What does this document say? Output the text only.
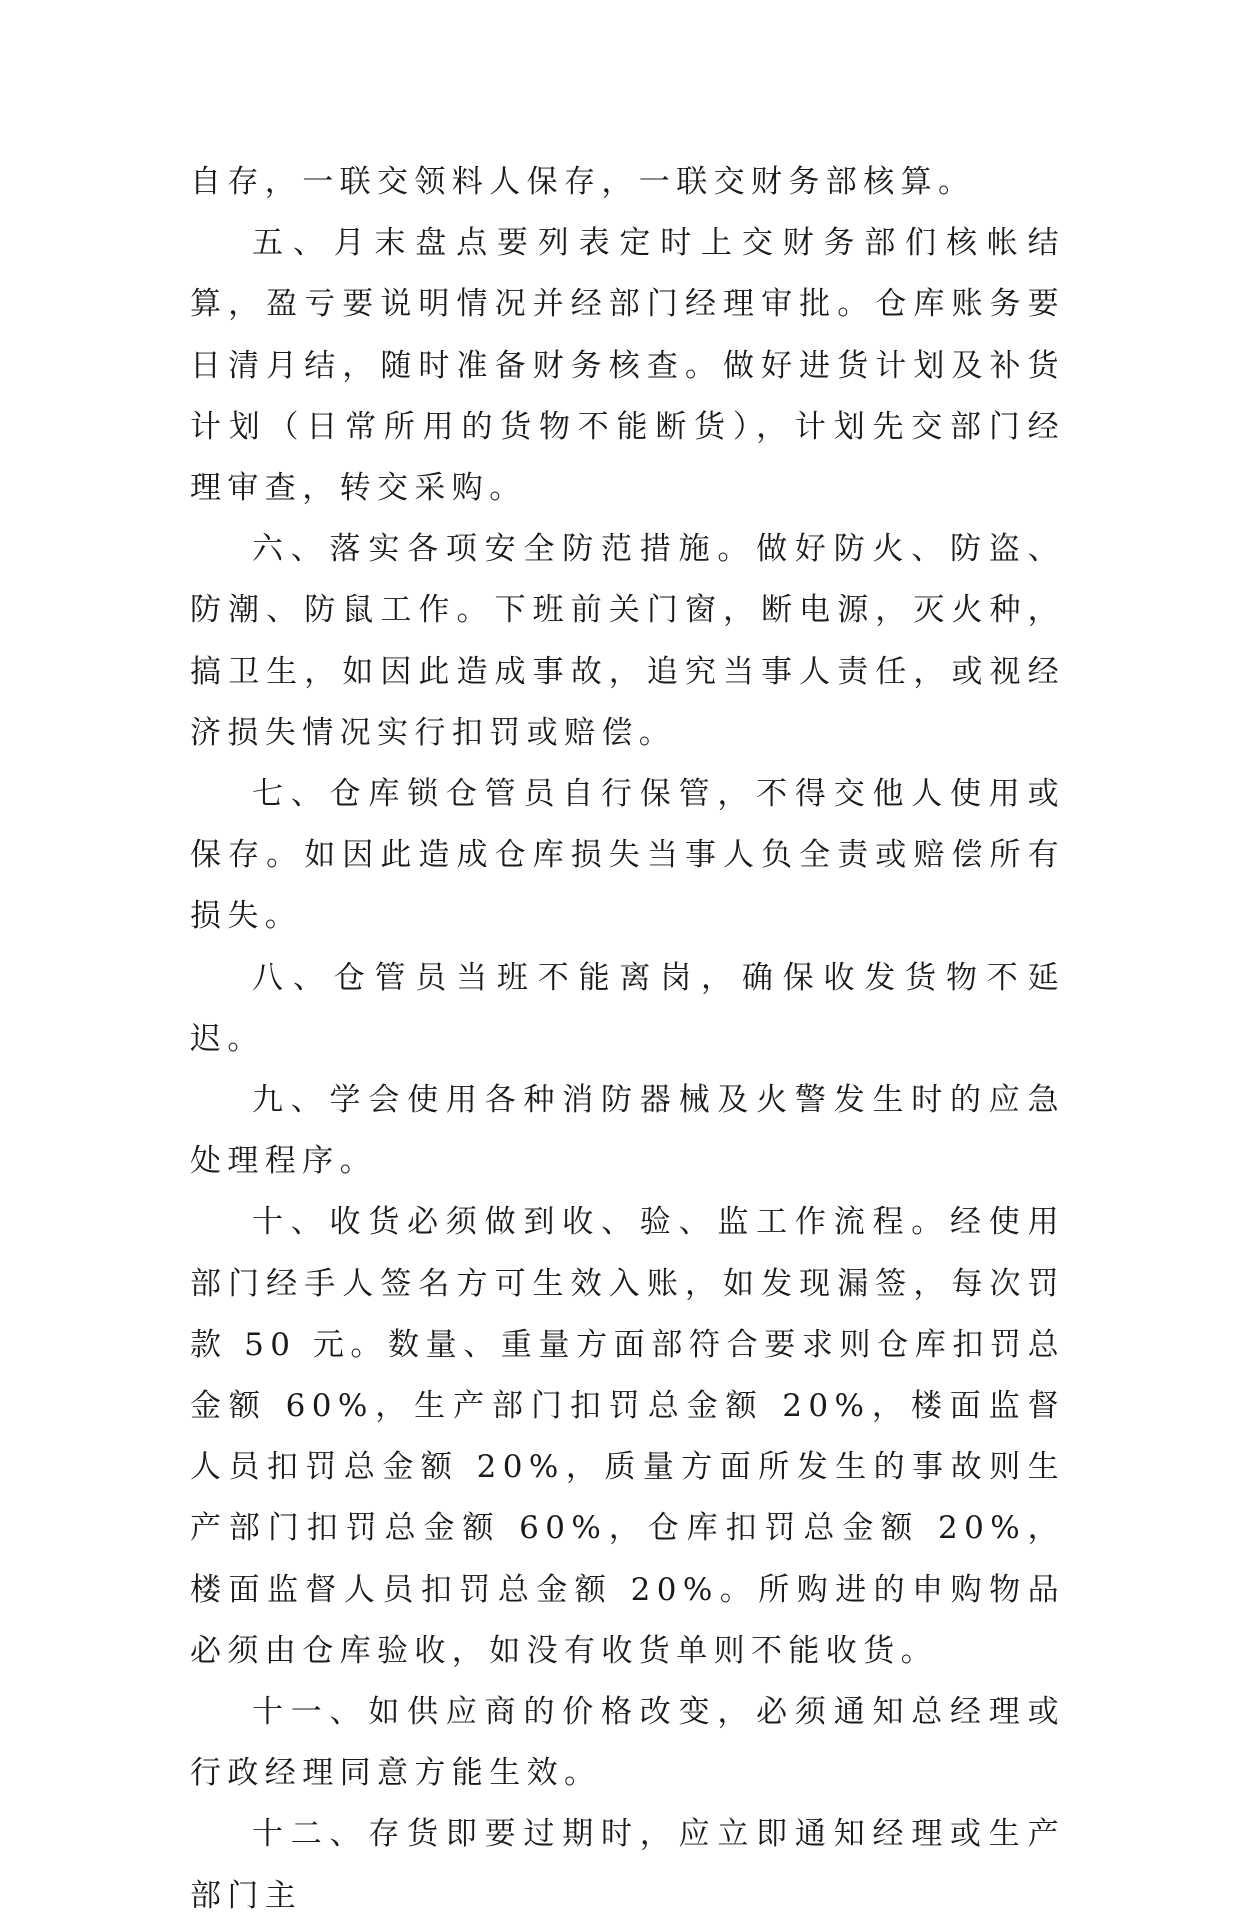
自存，一联交领料人保存，一联交财务部核算。

五、月末盘点要列表定时上交财务部们核帐结算，盈亏要说明情况并经部门经理审批。仓库账务要日清月结，随时准备财务核查。做好进货计划及补货计划（日常所用的货物不能断货），计划先交部门经理审查，转交采购。

六、落实各项安全防范措施。做好防火、防盗、防潮、防鼠工作。下班前关门窗，断电源，灭火种，搞卫生，如因此造成事故，追究当事人责任，或视经济损失情况实行扣罚或赔偿。

七、仓库锁仓管员自行保管，不得交他人使用或保存。如因此造成仓库损失当事人负全责或赔偿所有损失。

八、仓管员当班不能离岗，确保收发货物不延迟。

九、学会使用各种消防器械及火警发生时的应急处理程序。

十、收货必须做到收、验、监工作流程。经使用部门经手人签名方可生效入账，如发现漏签，每次罚款 50 元。数量、重量方面部符合要求则仓库扣罚总金额 60%，生产部门扣罚总金额 20%，楼面监督人员扣罚总金额 20%，质量方面所发生的事故则生产部门扣罚总金额 60%，仓库扣罚总金额 20%，楼面监督人员扣罚总金额 20%。所购进的申购物品必须由仓库验收，如没有收货单则不能收货。

十一、如供应商的价格改变，必须通知总经理或行政经理同意方能生效。

十二、存货即要过期时，应立即通知经理或生产部门主
